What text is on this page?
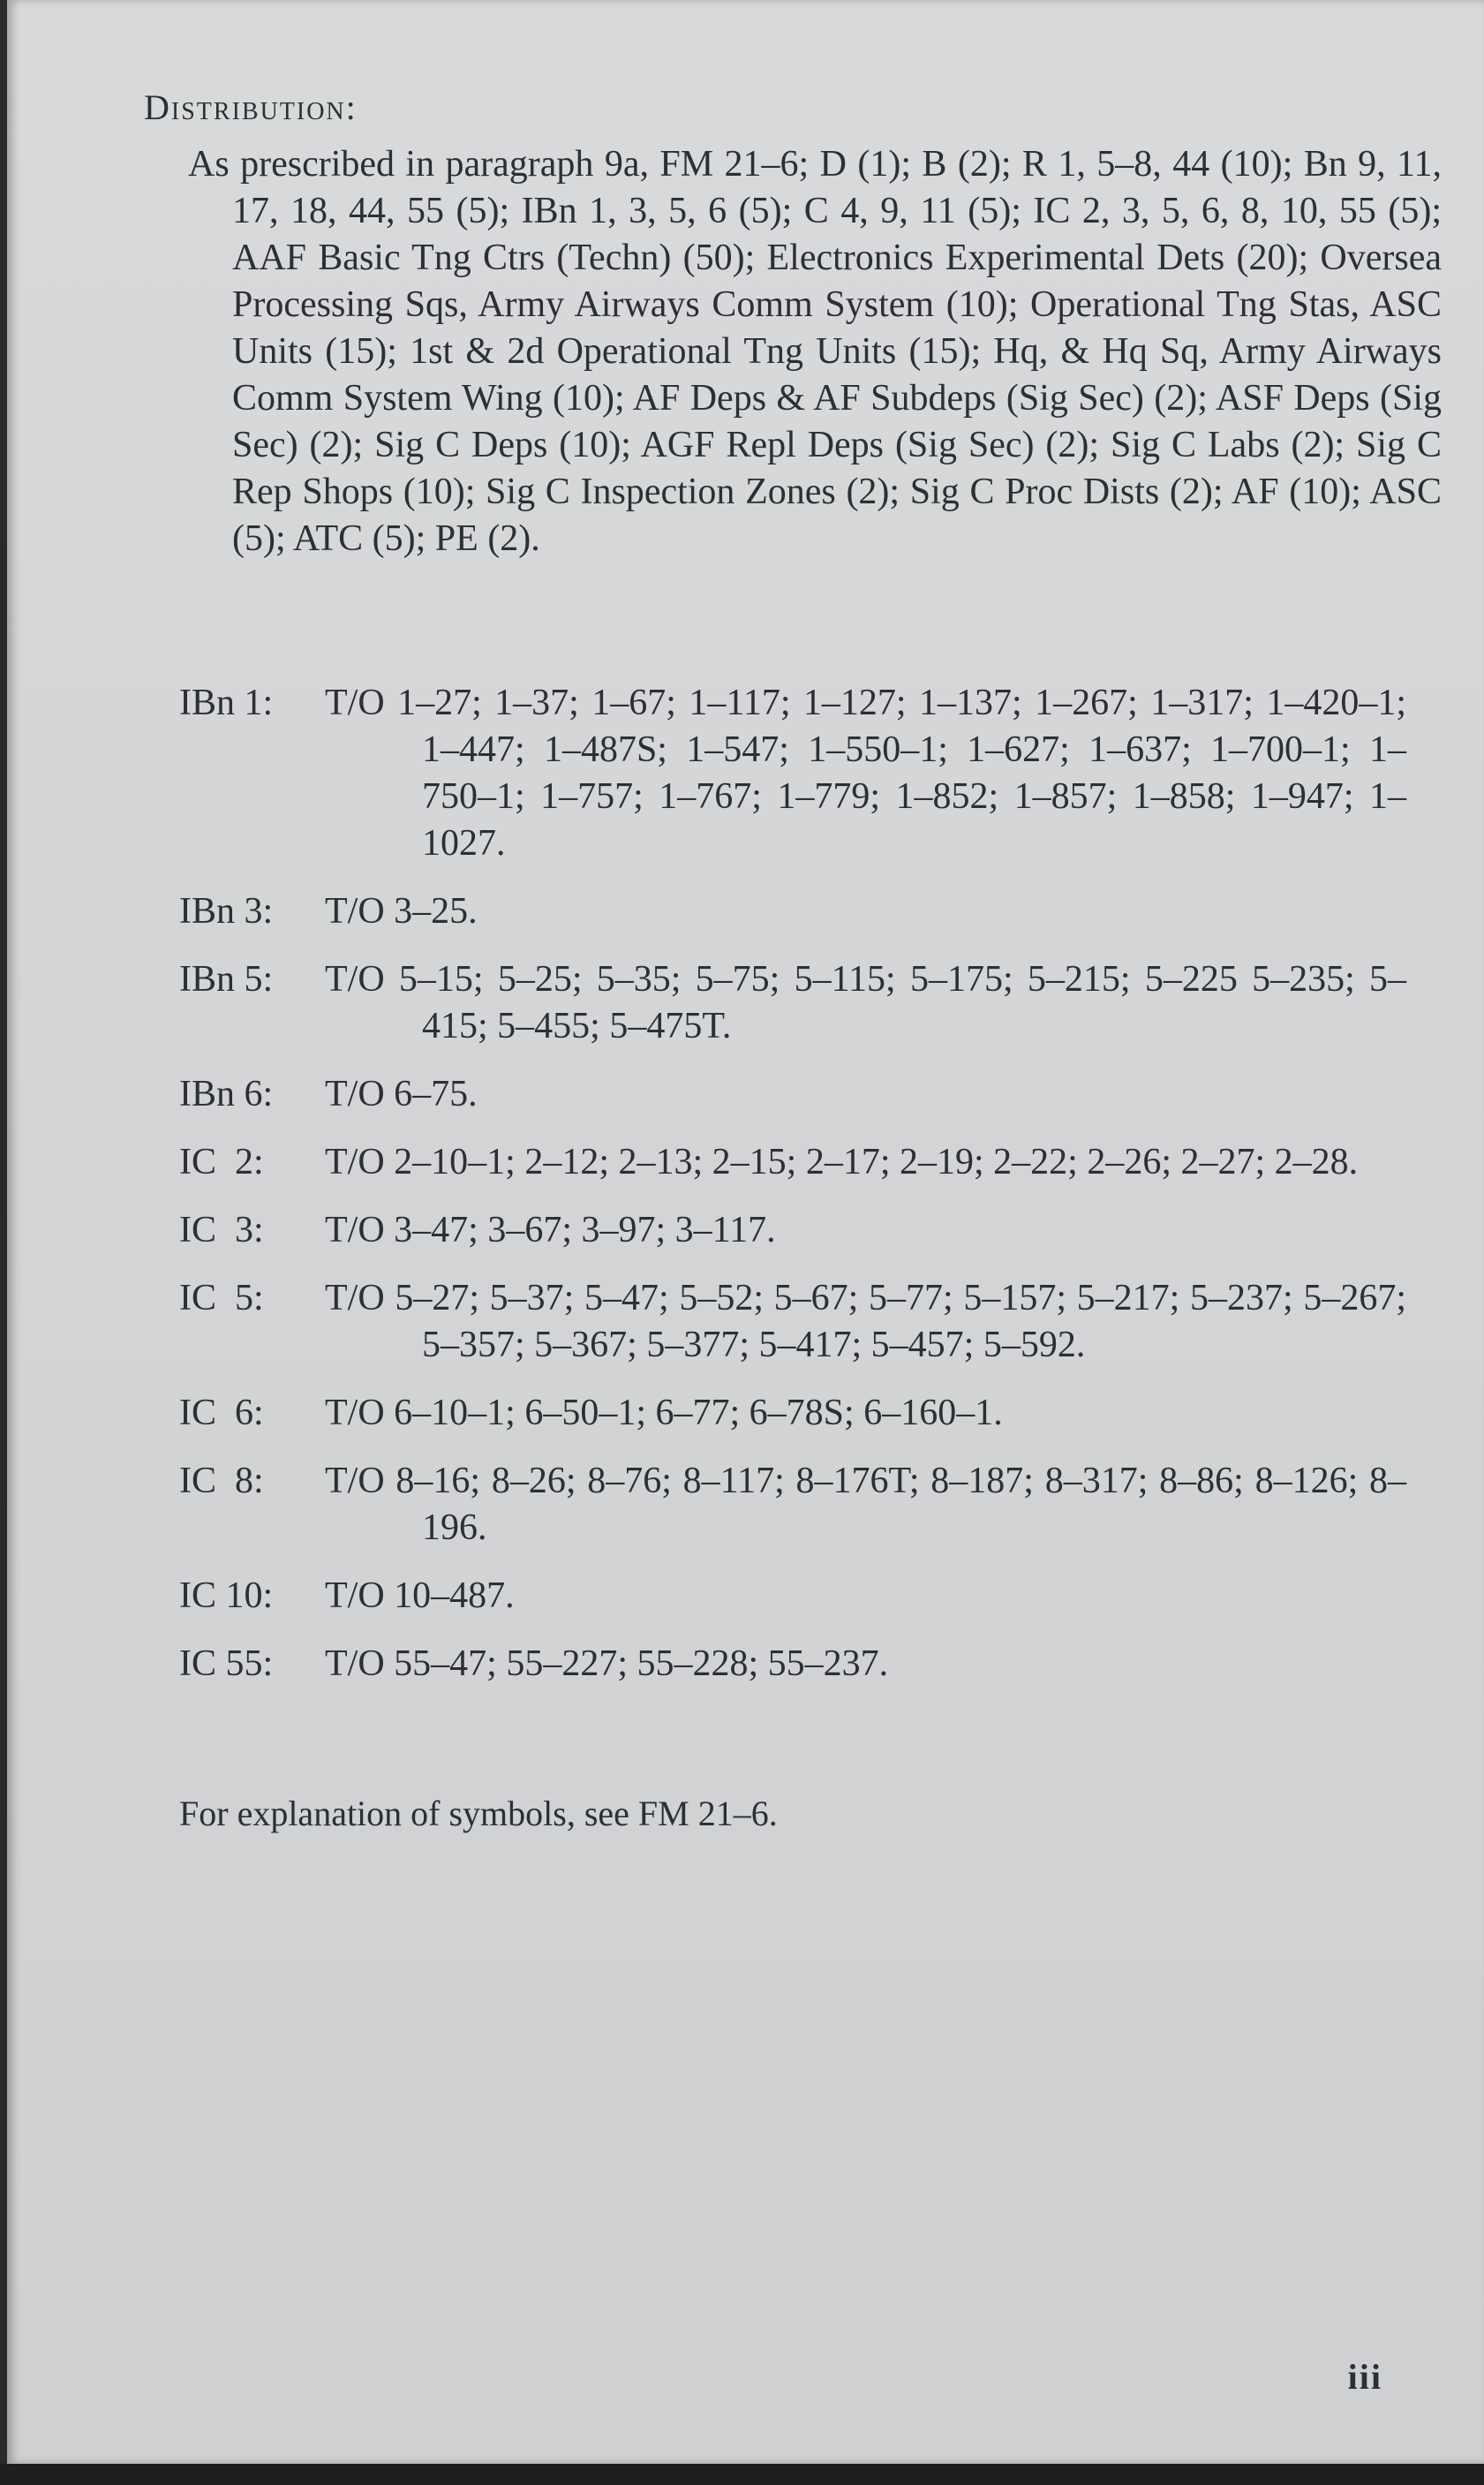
Distribution:
As prescribed in paragraph 9a, FM 21–6; D (1); B (2); R 1, 5–8, 44 (10); Bn 9, 11, 17, 18, 44, 55 (5); IBn 1, 3, 5, 6 (5); C 4, 9, 11 (5); IC 2, 3, 5, 6, 8, 10, 55 (5); AAF Basic Tng Ctrs (Techn) (50); Electronics Experimental Dets (20); Oversea Processing Sqs, Army Airways Comm System (10); Operational Tng Stas, ASC Units (15); 1st & 2d Operational Tng Units (15); Hq, & Hq Sq, Army Airways Comm System Wing (10); AF Deps & AF Subdeps (Sig Sec) (2); ASF Deps (Sig Sec) (2); Sig C Deps (10); AGF Repl Deps (Sig Sec) (2); Sig C Labs (2); Sig C Rep Shops (10); Sig C Inspection Zones (2); Sig C Proc Dists (2); AF (10); ASC (5); ATC (5); PE (2).
IBn 1:	T/O 1–27; 1–37; 1–67; 1–117; 1–127; 1–137; 1–267; 1–317; 1–420–1; 1–447; 1–487S; 1–547; 1–550–1; 1–627; 1–637; 1–700–1; 1–750–1; 1–757; 1–767; 1–779; 1–852; 1–857; 1–858; 1–947; 1–1027.
IBn 3:	T/O 3–25.
IBn 5:	T/O 5–15; 5–25; 5–35; 5–75; 5–115; 5–175; 5–215; 5–225 5–235; 5–415; 5–455; 5–475T.
IBn 6:	T/O 6–75.
IC  2:	T/O 2–10–1; 2–12; 2–13; 2–15; 2–17; 2–19; 2–22; 2–26; 2–27; 2–28.
IC  3:	T/O 3–47; 3–67; 3–97; 3–117.
IC  5:	T/O 5–27; 5–37; 5–47; 5–52; 5–67; 5–77; 5–157; 5–217; 5–237; 5–267; 5–357; 5–367; 5–377; 5–417; 5–457; 5–592.
IC  6:	T/O 6–10–1; 6–50–1; 6–77; 6–78S; 6–160–1.
IC  8:	T/O 8–16; 8–26; 8–76; 8–117; 8–176T; 8–187; 8–317; 8–86; 8–126; 8–196.
IC 10:	T/O 10–487.
IC 55:	T/O 55–47; 55–227; 55–228; 55–237.
For explanation of symbols, see FM 21–6.
iii
